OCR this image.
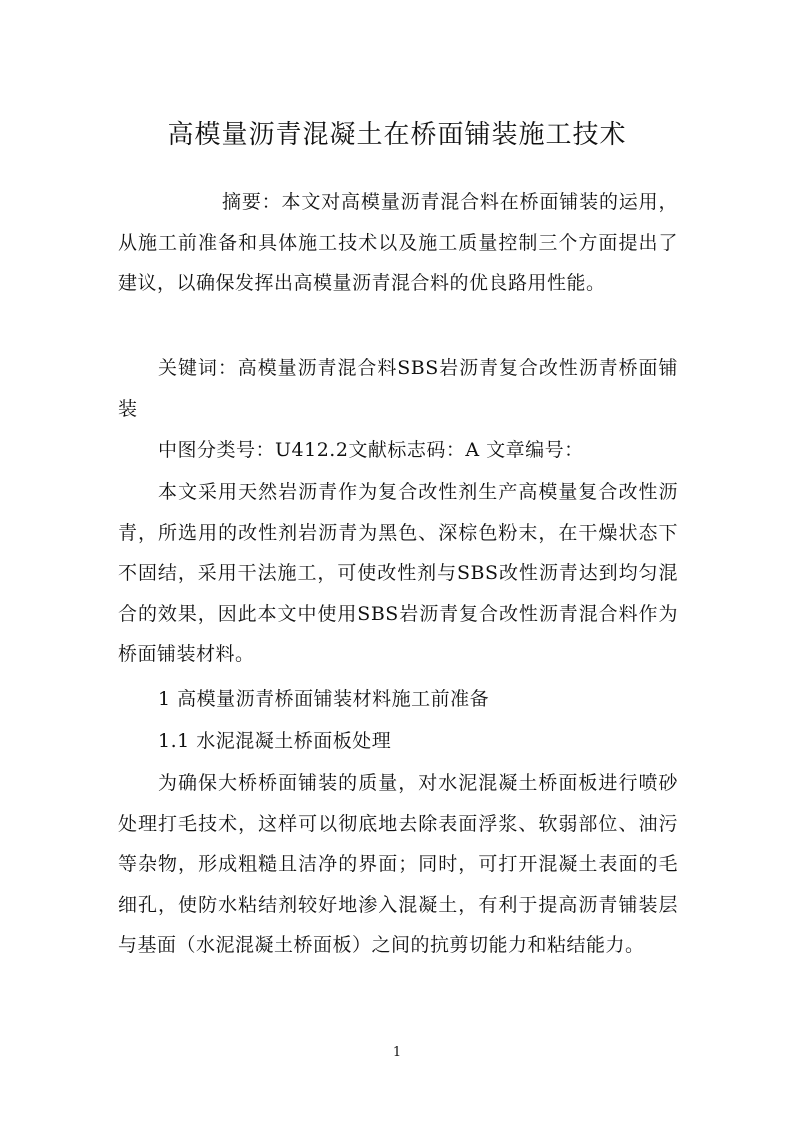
高模量沥青混凝土在桥面铺装施工技术

摘要：本文对高模量沥青混合料在桥面铺装的运用，从施工前准备和具体施工技术以及施工质量控制三个方面提出了建议，以确保发挥出高模量沥青混合料的优良路用性能。

关键词：高模量沥青混合料SBS岩沥青复合改性沥青桥面铺装

中图分类号：U412.2文献标志码：A 文章编号：

本文采用天然岩沥青作为复合改性剂生产高模量复合改性沥青，所选用的改性剂岩沥青为黑色、深棕色粉末，在干燥状态下不固结，采用干法施工，可使改性剂与SBS改性沥青达到均匀混合的效果，因此本文中使用SBS岩沥青复合改性沥青混合料作为桥面铺装材料。

1 高模量沥青桥面铺装材料施工前准备

1.1 水泥混凝土桥面板处理

为确保大桥桥面铺装的质量，对水泥混凝土桥面板进行喷砂处理打毛技术，这样可以彻底地去除表面浮浆、软弱部位、油污等杂物，形成粗糙且洁净的界面；同时，可打开混凝土表面的毛细孔，使防水粘结剂较好地渗入混凝土，有利于提高沥青铺装层与基面（水泥混凝土桥面板）之间的抗剪切能力和粘结能力。

1
